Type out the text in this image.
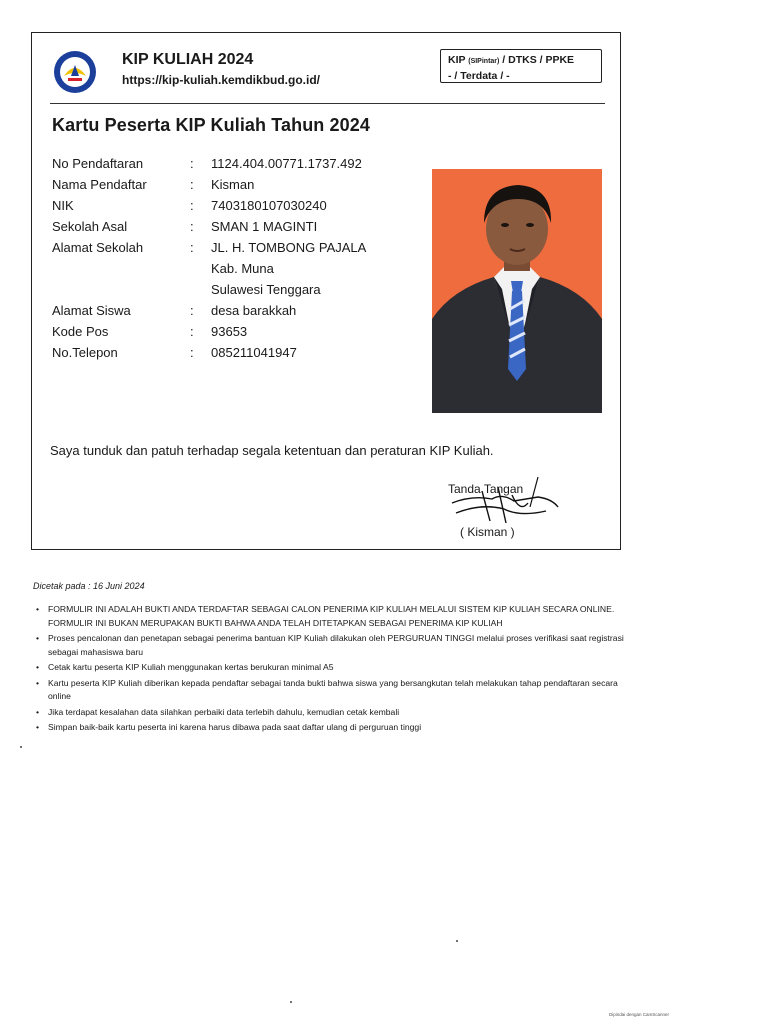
KIP KULIAH 2024
https://kip-kuliah.kemdikbud.go.id/
KIP (SIPintar) / DTKS / PPKE
- / Terdata / -
Kartu Peserta KIP Kuliah Tahun 2024
No Pendaftaran	: 1124.404.00771.1737.492
Nama Pendaftar	: Kisman
NIK	: 7403180107030240
Sekolah Asal	: SMAN 1 MAGINTI
Alamat Sekolah	: JL. H. TOMBONG PAJALA
Kab. Muna
Sulawesi Tenggara
Alamat Siswa	: desa barakkah
Kode Pos	: 93653
No.Telepon	: 085211041947
Saya tunduk dan patuh terhadap segala ketentuan dan peraturan KIP Kuliah.
Tanda Tangan
( Kisman )
Dicetak pada : 16 Juni 2024
• FORMULIR INI ADALAH BUKTI ANDA TERDAFTAR SEBAGAI CALON PENERIMA KIP KULIAH MELALUI SISTEM KIP KULIAH SECARA ONLINE. FORMULIR INI BUKAN MERUPAKAN BUKTI BAHWA ANDA TELAH DITETAPKAN SEBAGAI PENERIMA KIP KULIAH
• Proses pencalonan dan penetapan sebagai penerima bantuan KIP Kuliah dilakukan oleh PERGURUAN TINGGI melalui proses verifikasi saat registrasi sebagai mahasiswa baru
• Cetak kartu peserta KIP Kuliah menggunakan kertas berukuran minimal A5
• Kartu peserta KIP Kuliah diberikan kepada pendaftar sebagai tanda bukti bahwa siswa yang bersangkutan telah melakukan tahap pendaftaran secara online
• Jika terdapat kesalahan data silahkan perbaiki data terlebih dahulu, kemudian cetak kembali
• Simpan baik-baik kartu peserta ini karena harus dibawa pada saat daftar ulang di perguruan tinggi
Dipindai dengan CamScanner
